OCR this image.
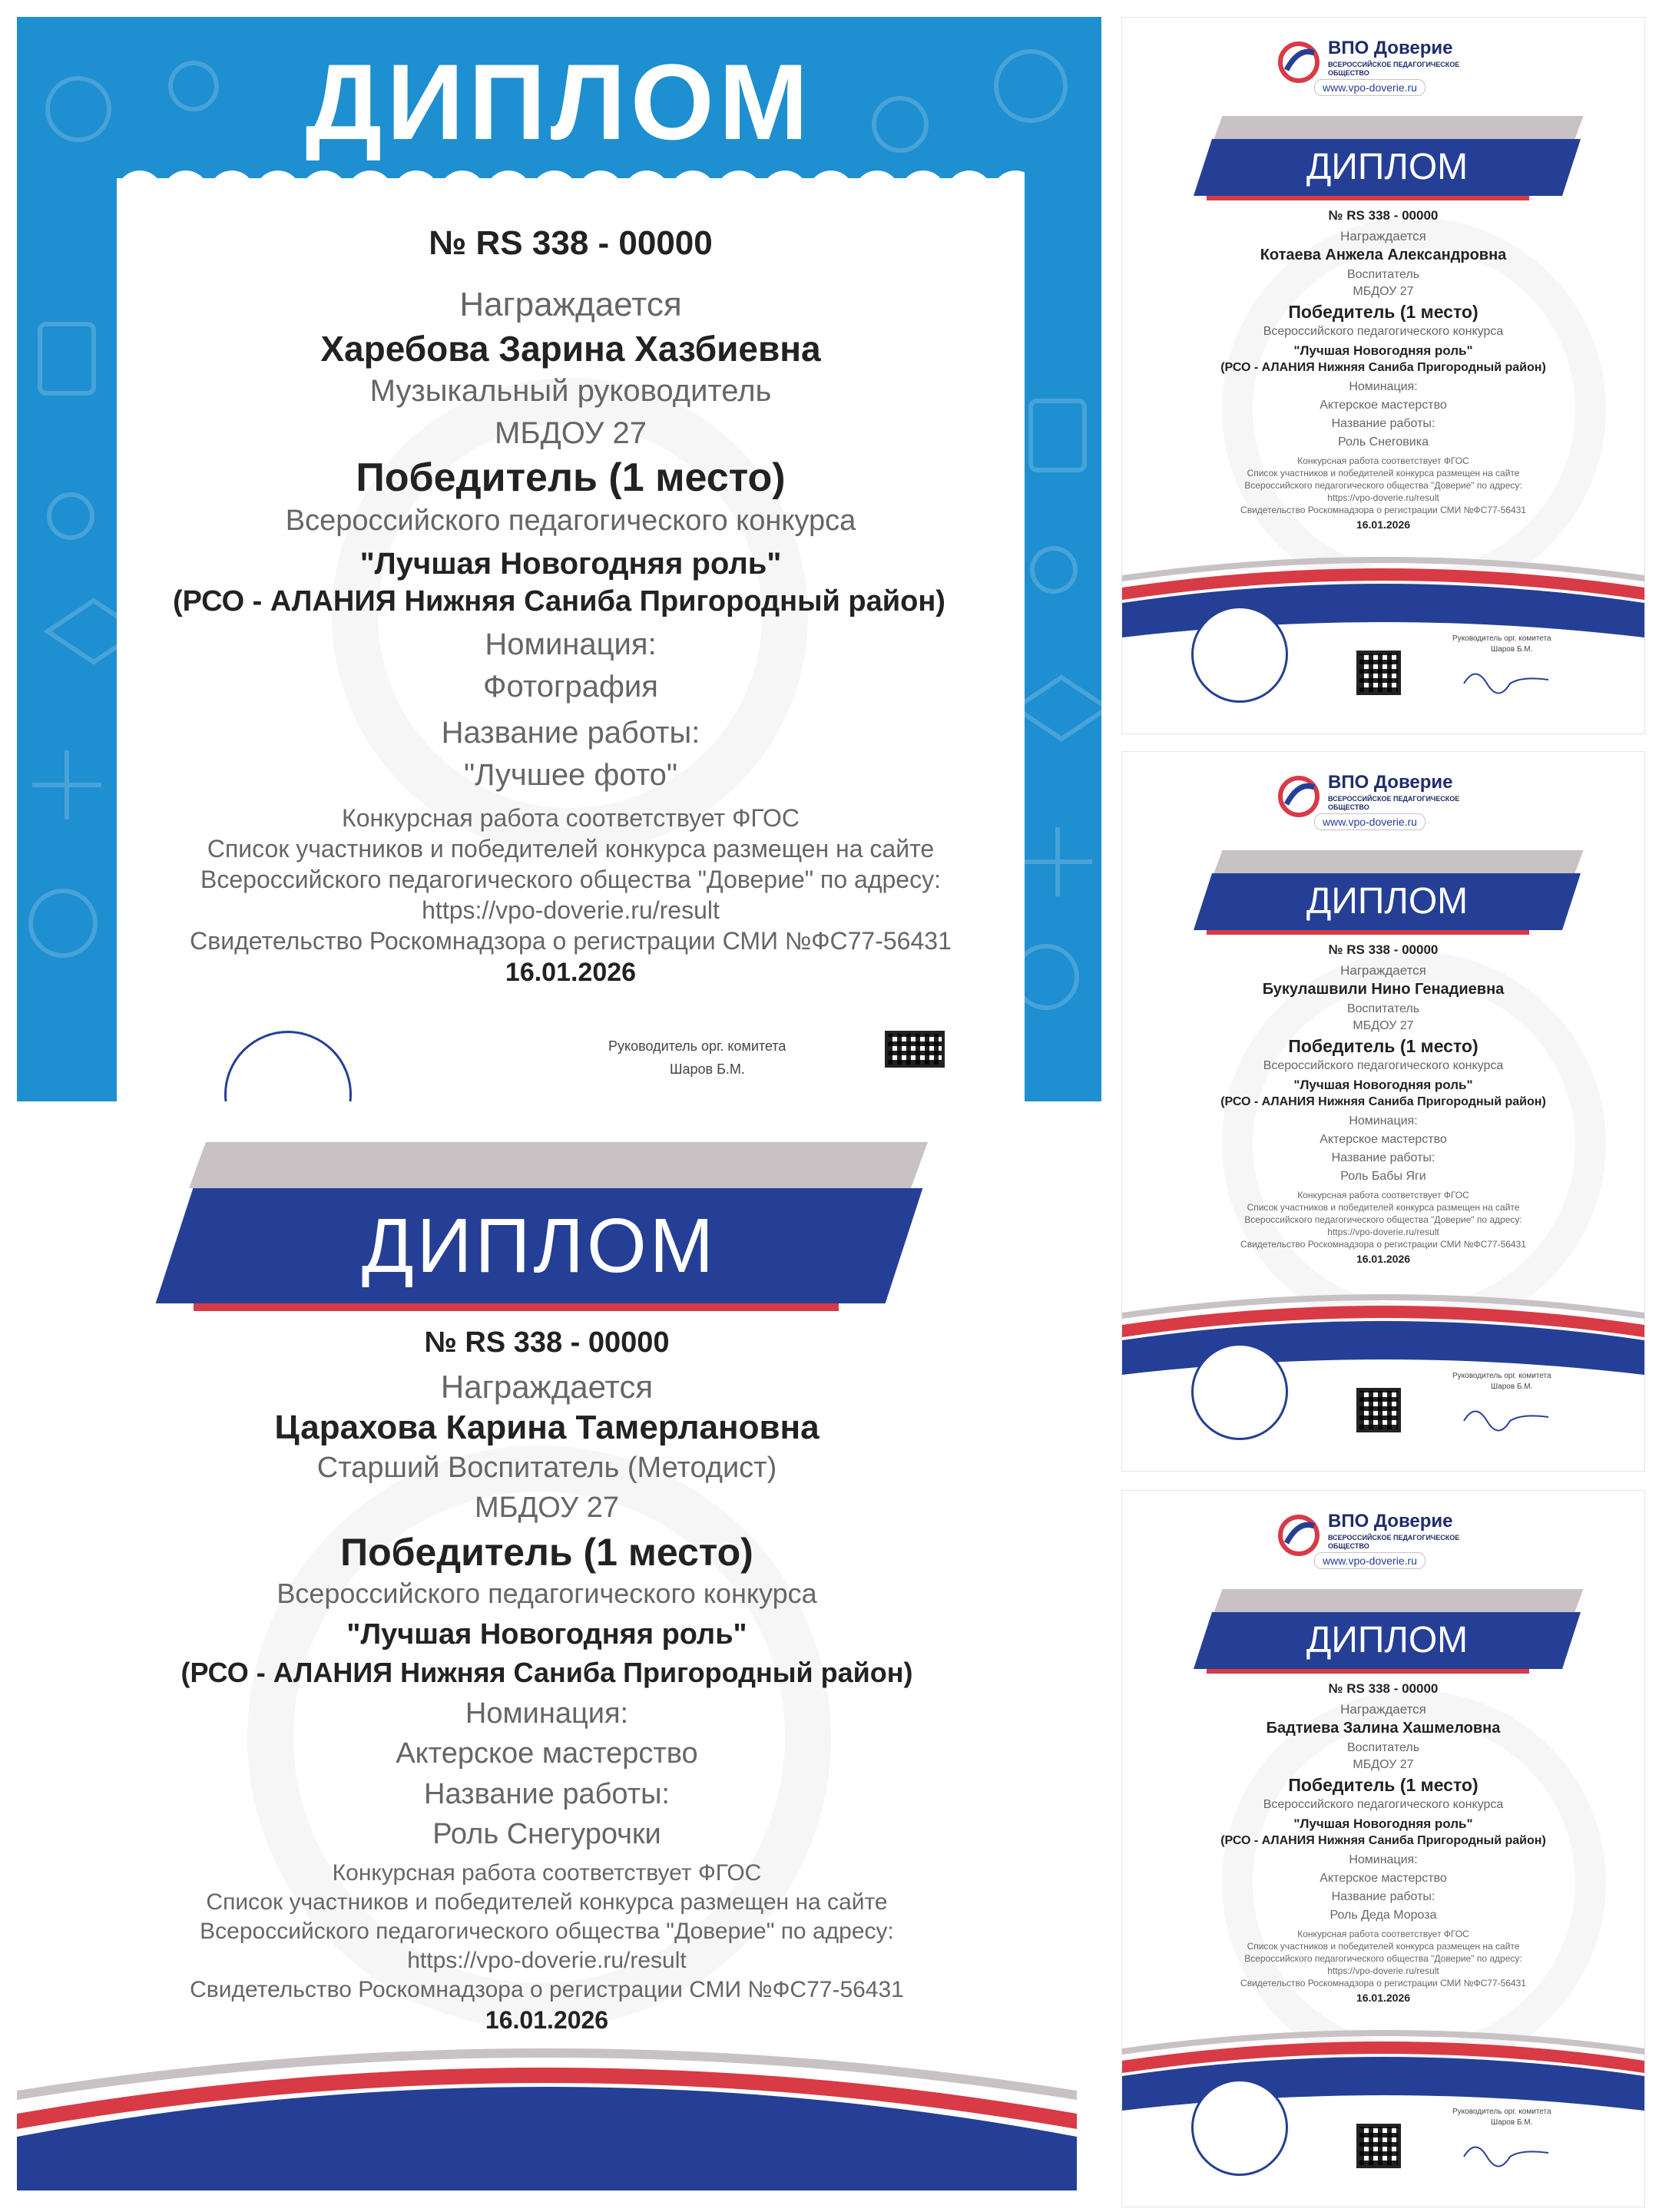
ДИПЛОМ
№ RS 338 - 00000
Награждается
Харебова Зарина Хазбиевна
Музыкальный руководитель
МБДОУ 27
Победитель (1 место)
Всероссийского педагогического конкурса
"Лучшая Новогодняя роль"
(РСО - АЛАНИЯ Нижняя Саниба Пригородный район)
Номинация:
Фотография
Название работы:
"Лучшее фото"
Конкурсная работа соответствует ФГОС
Список участников и победителей конкурса размещен на сайте
Всероссийского педагогического общества "Доверие" по адресу:
https://vpo-doverie.ru/result
Свидетельство Роскомнадзора о регистрации СМИ №ФС77-56431
16.01.2026
Руководитель орг. комитета
Шаров Б.М.
ДИПЛОМ
№ RS 338 - 00000
Награждается
Царахова Карина Тамерлановна
Старший Воспитатель (Методист)
МБДОУ 27
Победитель (1 место)
Всероссийского педагогического конкурса
"Лучшая Новогодняя роль"
(РСО - АЛАНИЯ Нижняя Саниба Пригородный район)
Номинация:
Актерское мастерство
Название работы:
Роль Снегурочки
Конкурсная работа соответствует ФГОС
Список участников и победителей конкурса размещен на сайте
Всероссийского педагогического общества "Доверие" по адресу:
https://vpo-doverie.ru/result
Свидетельство Роскомнадзора о регистрации СМИ №ФС77-56431
16.01.2026
ВПО Доверие
ВСЕРОССИЙСКОЕ ПЕДАГОГИЧЕСКОЕ
ОБЩЕСТВО
www.vpo-doverie.ru
ДИПЛОМ
№ RS 338 - 00000
Награждается
Котаева Анжела Александровна
Воспитатель
МБДОУ 27
Победитель (1 место)
Всероссийского педагогического конкурса
"Лучшая Новогодняя роль"
(РСО - АЛАНИЯ Нижняя Саниба Пригородный район)
Номинация:
Актерское мастерство
Название работы:
Роль Снеговика
Конкурсная работа соответствует ФГОС
Список участников и победителей конкурса размещен на сайте
Всероссийского педагогического общества "Доверие" по адресу:
https://vpo-doverie.ru/result
Свидетельство Роскомнадзора о регистрации СМИ №ФС77-56431
16.01.2026
Руководитель орг. комитета
Шаров Б.М.
ВПО Доверие
ВСЕРОССИЙСКОЕ ПЕДАГОГИЧЕСКОЕ
ОБЩЕСТВО
www.vpo-doverie.ru
ДИПЛОМ
№ RS 338 - 00000
Награждается
Букулашвили Нино Генадиевна
Воспитатель
МБДОУ 27
Победитель (1 место)
Всероссийского педагогического конкурса
"Лучшая Новогодняя роль"
(РСО - АЛАНИЯ Нижняя Саниба Пригородный район)
Номинация:
Актерское мастерство
Название работы:
Роль Бабы Яги
Конкурсная работа соответствует ФГОС
Список участников и победителей конкурса размещен на сайте
Всероссийского педагогического общества "Доверие" по адресу:
https://vpo-doverie.ru/result
Свидетельство Роскомнадзора о регистрации СМИ №ФС77-56431
16.01.2026
Руководитель орг. комитета
Шаров Б.М.
ВПО Доверие
ВСЕРОССИЙСКОЕ ПЕДАГОГИЧЕСКОЕ
ОБЩЕСТВО
www.vpo-doverie.ru
ДИПЛОМ
№ RS 338 - 00000
Награждается
Бадтиева Залина Хашмеловна
Воспитатель
МБДОУ 27
Победитель (1 место)
Всероссийского педагогического конкурса
"Лучшая Новогодняя роль"
(РСО - АЛАНИЯ Нижняя Саниба Пригородный район)
Номинация:
Актерское мастерство
Название работы:
Роль Деда Мороза
Конкурсная работа соответствует ФГОС
Список участников и победителей конкурса размещен на сайте
Всероссийского педагогического общества "Доверие" по адресу:
https://vpo-doverie.ru/result
Свидетельство Роскомнадзора о регистрации СМИ №ФС77-56431
16.01.2026
Руководитель орг. комитета
Шаров Б.М.
